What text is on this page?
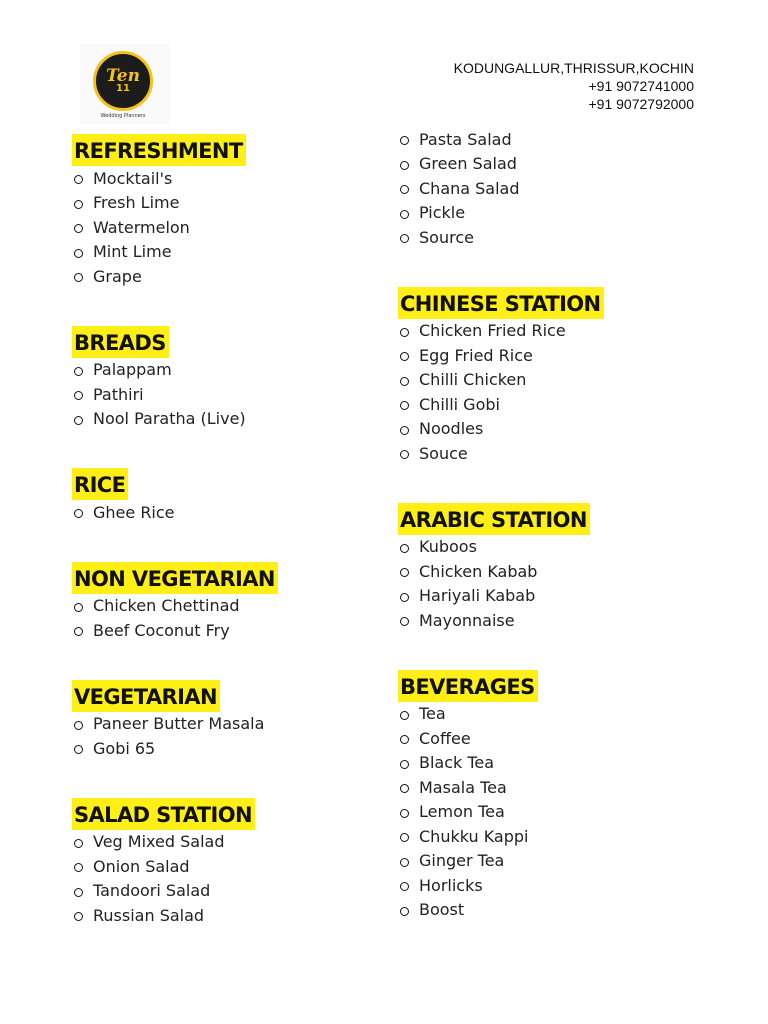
Ten
11
Wedding Planners
KODUNGALLUR,THRISSUR,KOCHIN
+91 9072741000
+91 9072792000
REFRESHMENT
Mocktail's
Fresh Lime
Watermelon
Mint Lime
Grape
BREADS
Palappam
Pathiri
Nool Paratha (Live)
RICE
Ghee Rice
NON VEGETARIAN
Chicken Chettinad
Beef Coconut Fry
VEGETARIAN
Paneer Butter Masala
Gobi 65
SALAD STATION
Veg Mixed Salad
Onion Salad
Tandoori Salad
Russian Salad
Pasta Salad
Green Salad
Chana Salad
Pickle
Source
CHINESE STATION
Chicken Fried Rice
Egg Fried Rice
Chilli Chicken
Chilli Gobi
Noodles
Souce
ARABIC STATION
Kuboos
Chicken Kabab
Hariyali Kabab
Mayonnaise
BEVERAGES
Tea
Coffee
Black Tea
Masala Tea
Lemon Tea
Chukku Kappi
Ginger Tea
Horlicks
Boost
